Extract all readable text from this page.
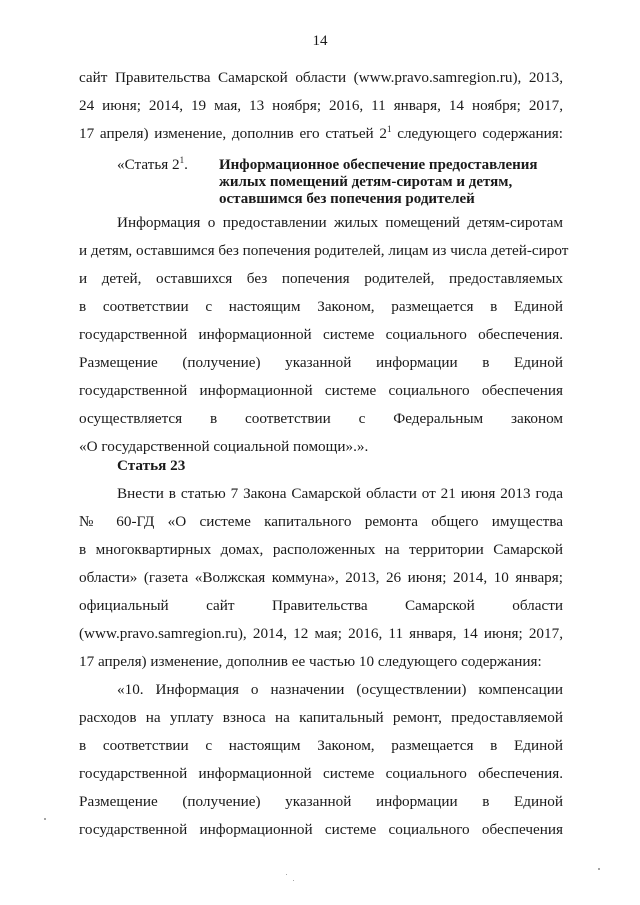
14
сайт Правительства Самарской области (www.pravo.samregion.ru), 2013,
24 июня; 2014, 19 мая, 13 ноября; 2016, 11 января, 14 ноября; 2017,
17 апреля) изменение, дополнив его статьей $2^1$ следующего содержания:
«Статья $2^1$. Информационное обеспечение предоставления
жилых помещений детям-сиротам и детям,
оставшимся без попечения родителей
Информация о предоставлении жилых помещений детям-сиротам
и детям, оставшимся без попечения родителей, лицам из числа детей-сирот
и детей, оставшихся без попечения родителей, предоставляемых
в соответствии с настоящим Законом, размещается в Единой
государственной информационной системе социального обеспечения.
Размещение (получение) указанной информации в Единой
государственной информационной системе социального обеспечения
осуществляется в соответствии с Федеральным законом
«О государственной социальной помощи».».
Статья 23
Внести в статью 7 Закона Самарской области от 21 июня 2013 года
№ 60-ГД «О системе капитального ремонта общего имущества
в многоквартирных домах, расположенных на территории Самарской
области» (газета «Волжская коммуна», 2013, 26 июня; 2014, 10 января;
официальный сайт Правительства Самарской области
(www.pravo.samregion.ru), 2014, 12 мая; 2016, 11 января, 14 июня; 2017,
17 апреля) изменение, дополнив ее частью 10 следующего содержания:
«10. Информация о назначении (осуществлении) компенсации
расходов на уплату взноса на капитальный ремонт, предоставляемой
в соответствии с настоящим Законом, размещается в Единой
государственной информационной системе социального обеспечения.
Размещение (получение) указанной информации в Единой
государственной информационной системе социального обеспечения
